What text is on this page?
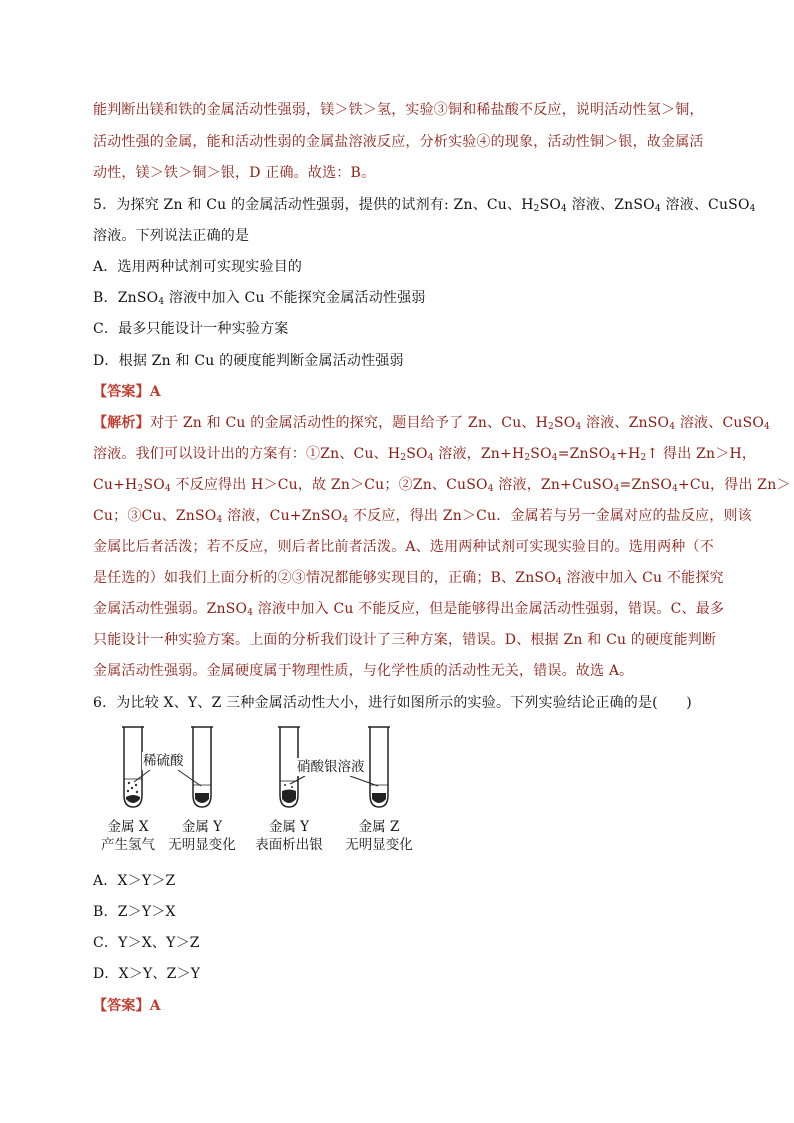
能判断出镁和铁的金属活动性强弱，镁＞铁＞氢，实验③铜和稀盐酸不反应，说明活动性氢＞铜，
活动性强的金属，能和活动性弱的金属盐溶液反应，分析实验④的现象，活动性铜＞银，故金属活
动性，镁＞铁＞铜＞银，D 正确。故选：B。
5．为探究 Zn 和 Cu 的金属活动性强弱，提供的试剂有: Zn、Cu、$H_2SO_4$ 溶液、ZnSO$_4$ 溶液、CuSO$_4$
溶液。下列说法正确的是
A．选用两种试剂可实现实验目的
B．ZnSO$_4$ 溶液中加入 Cu 不能探究金属活动性强弱
C．最多只能设计一种实验方案
D．根据 Zn 和 Cu 的硬度能判断金属活动性强弱
【答案】A
【解析】对于 Zn 和 Cu 的金属活动性的探究，题目给予了 Zn、Cu、$H_2SO_4$ 溶液、ZnSO$_4$ 溶液、CuSO$_4$
溶液。我们可以设计出的方案有：①Zn、Cu、$H_2SO_4$ 溶液，$Zn+H_2SO_4=ZnSO_4+H_2↑$ 得出 Zn＞H，
$Cu+H_2SO_4$ 不反应得出 H＞Cu，故 Zn＞Cu；②Zn、CuSO$_4$ 溶液，Zn+CuSO$_4$=ZnSO$_4$+Cu，得出 Zn＞
Cu；③Cu、ZnSO$_4$ 溶液，Cu+ZnSO$_4$ 不反应，得出 Zn＞Cu．金属若与另一金属对应的盐反应，则该
金属比后者活泼；若不反应，则后者比前者活泼。A、选用两种试剂可实现实验目的。选用两种（不
是任选的）如我们上面分析的②③情况都能够实现目的，正确；B、ZnSO$_4$ 溶液中加入 Cu 不能探究
金属活动性强弱。ZnSO$_4$ 溶液中加入 Cu 不能反应，但是能够得出金属活动性强弱，错误。C、最多
只能设计一种实验方案。上面的分析我们设计了三种方案，错误。D、根据 Zn 和 Cu 的硬度能判断
金属活动性强弱。金属硬度属于物理性质，与化学性质的活动性无关，错误。故选 A。
6．为比较 X、Y、Z 三种金属活动性大小，进行如图所示的实验。下列实验结论正确的是(　　)
A．X＞Y＞Z
B．Z＞Y＞X
C．Y＞X、Y＞Z
D．X＞Y、Z＞Y
【答案】A
稀硫酸	硝酸银溶液
金属 X
产生氢气
金属 Y
无明显变化
金属 Y
表面析出银
金属 Z
无明显变化
